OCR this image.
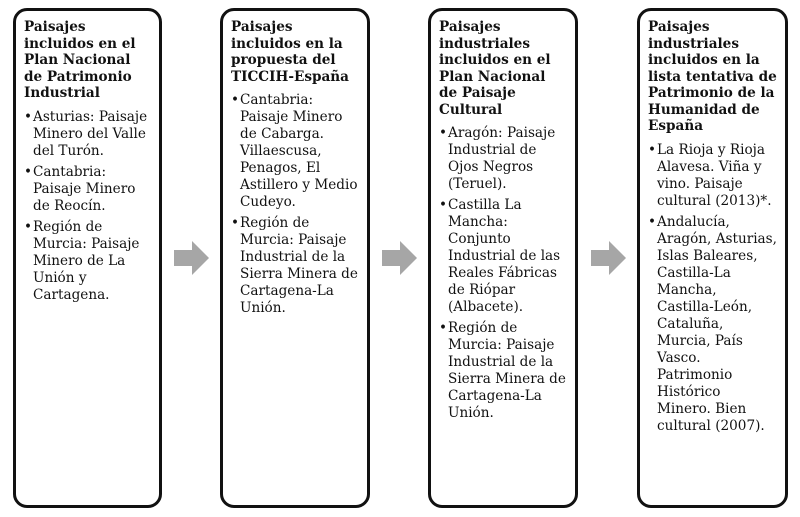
Paisajes incluidos en el Plan Nacional de Patrimonio Industrial
• Asturias: Paisaje Minero del Valle del Turón.
• Cantabria: Paisaje Minero de Reocín.
• Región de Murcia: Paisaje Minero de La Unión y Cartagena.
Paisajes incluidos en la propuesta del TICCIH-España
• Cantabria: Paisaje Minero de Cabarga. Villaescusa, Penagos, El Astillero y Medio Cudeyo.
• Región de Murcia: Paisaje Industrial de la Sierra Minera de Cartagena-La Unión.
Paisajes industriales incluidos en el Plan Nacional de Paisaje Cultural
• Aragón: Paisaje Industrial de Ojos Negros (Teruel).
• Castilla La Mancha: Conjunto Industrial de las Reales Fábricas de Riópar (Albacete).
• Región de Murcia: Paisaje Industrial de la Sierra Minera de Cartagena-La Unión.
Paisajes industriales incluidos en la lista tentativa de Patrimonio de la Humanidad de España
• La Rioja y Rioja Alavesa. Viña y vino. Paisaje cultural (2013)*.
• Andalucía, Aragón, Asturias, Islas Baleares, Castilla-La Mancha, Castilla-León, Cataluña, Murcia, País Vasco. Patrimonio Histórico Minero. Bien cultural (2007).
